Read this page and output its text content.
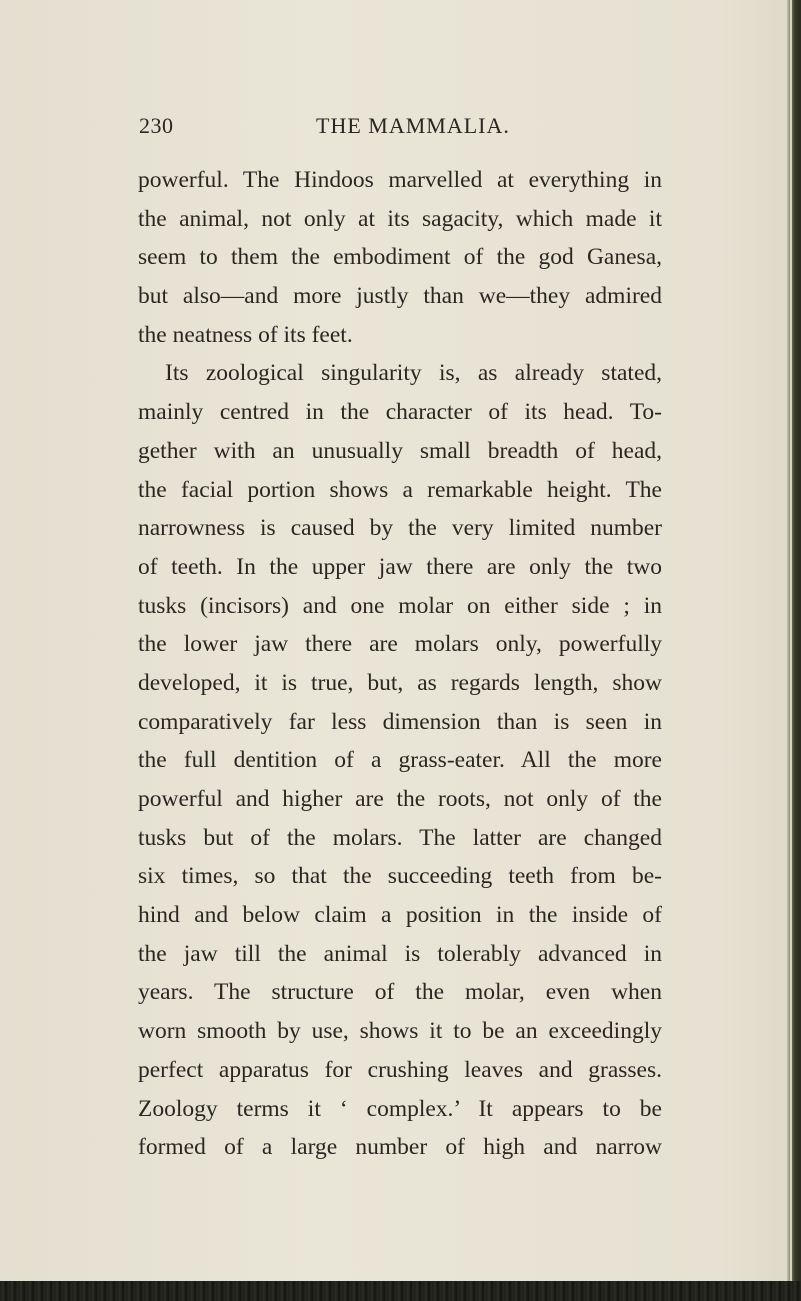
230	THE MAMMALIA.
powerful. The Hindoos marvelled at everything in
the animal, not only at its sagacity, which made it
seem to them the embodiment of the god Ganesa,
but also—and more justly than we—they admired
the neatness of its feet.
Its zoological singularity is, as already stated,
mainly centred in the character of its head. To-
gether with an unusually small breadth of head,
the facial portion shows a remarkable height. The
narrowness is caused by the very limited number
of teeth. In the upper jaw there are only the two
tusks (incisors) and one molar on either side ; in
the lower jaw there are molars only, powerfully
developed, it is true, but, as regards length, show
comparatively far less dimension than is seen in
the full dentition of a grass-eater. All the more
powerful and higher are the roots, not only of the
tusks but of the molars. The latter are changed
six times, so that the succeeding teeth from be-
hind and below claim a position in the inside of
the jaw till the animal is tolerably advanced in
years. The structure of the molar, even when
worn smooth by use, shows it to be an exceedingly
perfect apparatus for crushing leaves and grasses.
Zoology terms it ‘ complex.’ It appears to be
formed of a large number of high and narrow
